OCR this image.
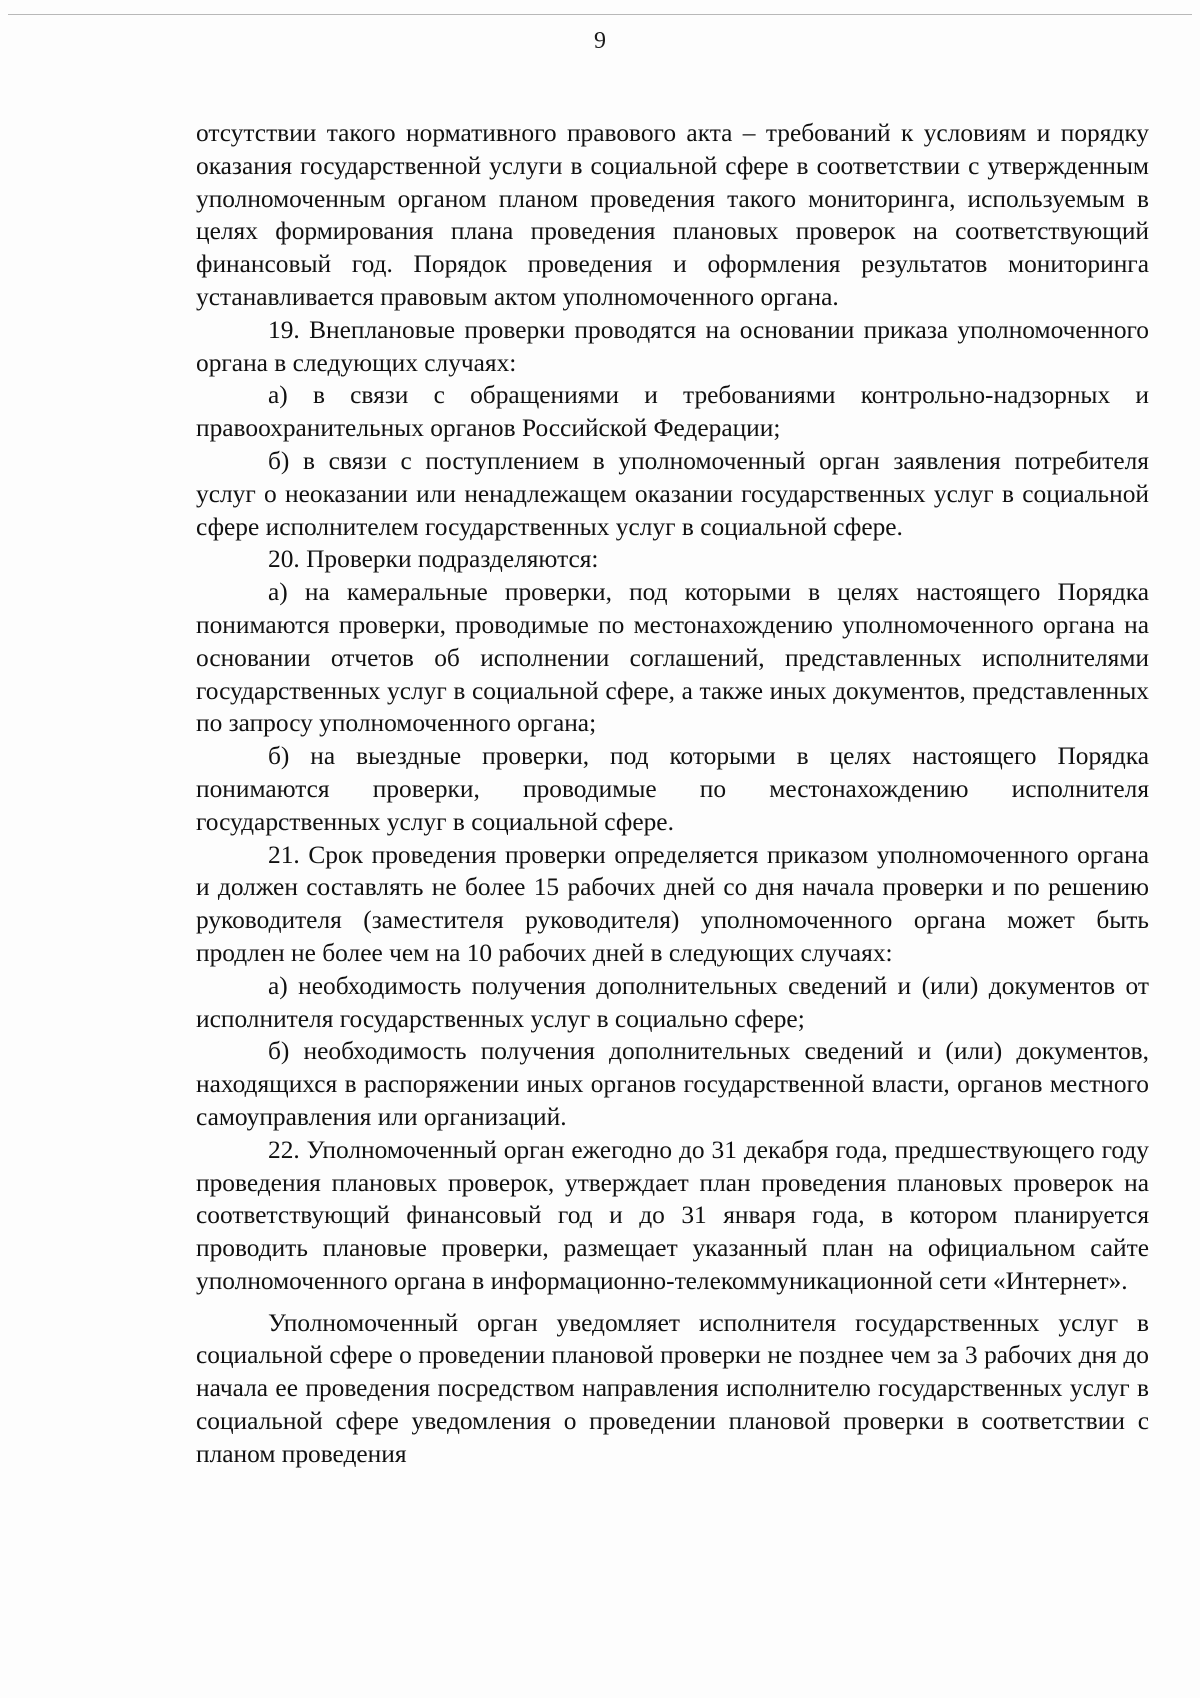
9

отсутствии такого нормативного правового акта – требований к условиям и порядку оказания государственной услуги в социальной сфере в соответствии с утвержденным уполномоченным органом планом проведения такого мониторинга, используемым в целях формирования плана проведения плановых проверок на соответствующий финансовый год. Порядок проведения и оформления результатов мониторинга устанавливается правовым актом уполномоченного органа.

19. Внеплановые проверки проводятся на основании приказа уполномоченного органа в следующих случаях:

а) в связи с обращениями и требованиями контрольно-надзорных и правоохранительных органов Российской Федерации;

б) в связи с поступлением в уполномоченный орган заявления потребителя услуг о неоказании или ненадлежащем оказании государственных услуг в социальной сфере исполнителем государственных услуг в социальной сфере.

20. Проверки подразделяются:

а) на камеральные проверки, под которыми в целях настоящего Порядка понимаются проверки, проводимые по местонахождению уполномоченного органа на основании отчетов об исполнении соглашений, представленных исполнителями государственных услуг в социальной сфере, а также иных документов, представленных по запросу уполномоченного органа;

б) на выездные проверки, под которыми в целях настоящего Порядка понимаются проверки, проводимые по местонахождению исполнителя государственных услуг в социальной сфере.

21. Срок проведения проверки определяется приказом уполномоченного органа и должен составлять не более 15 рабочих дней со дня начала проверки и по решению руководителя (заместителя руководителя) уполномоченного органа может быть продлен не более чем на 10 рабочих дней в следующих случаях:

а) необходимость получения дополнительных сведений и (или) документов от исполнителя государственных услуг в социально сфере;

б) необходимость получения дополнительных сведений и (или) документов, находящихся в распоряжении иных органов государственной власти, органов местного самоуправления или организаций.

22. Уполномоченный орган ежегодно до 31 декабря года, предшествующего году проведения плановых проверок, утверждает план проведения плановых проверок на соответствующий финансовый год и до 31 января года, в котором планируется проводить плановые проверки, размещает указанный план на официальном сайте уполномоченного органа в информационно-телекоммуникационной сети «Интернет».

Уполномоченный орган уведомляет исполнителя государственных услуг в социальной сфере о проведении плановой проверки не позднее чем за 3 рабочих дня до начала ее проведения посредством направления исполнителю государственных услуг в социальной сфере уведомления о проведении плановой проверки в соответствии с планом проведения
